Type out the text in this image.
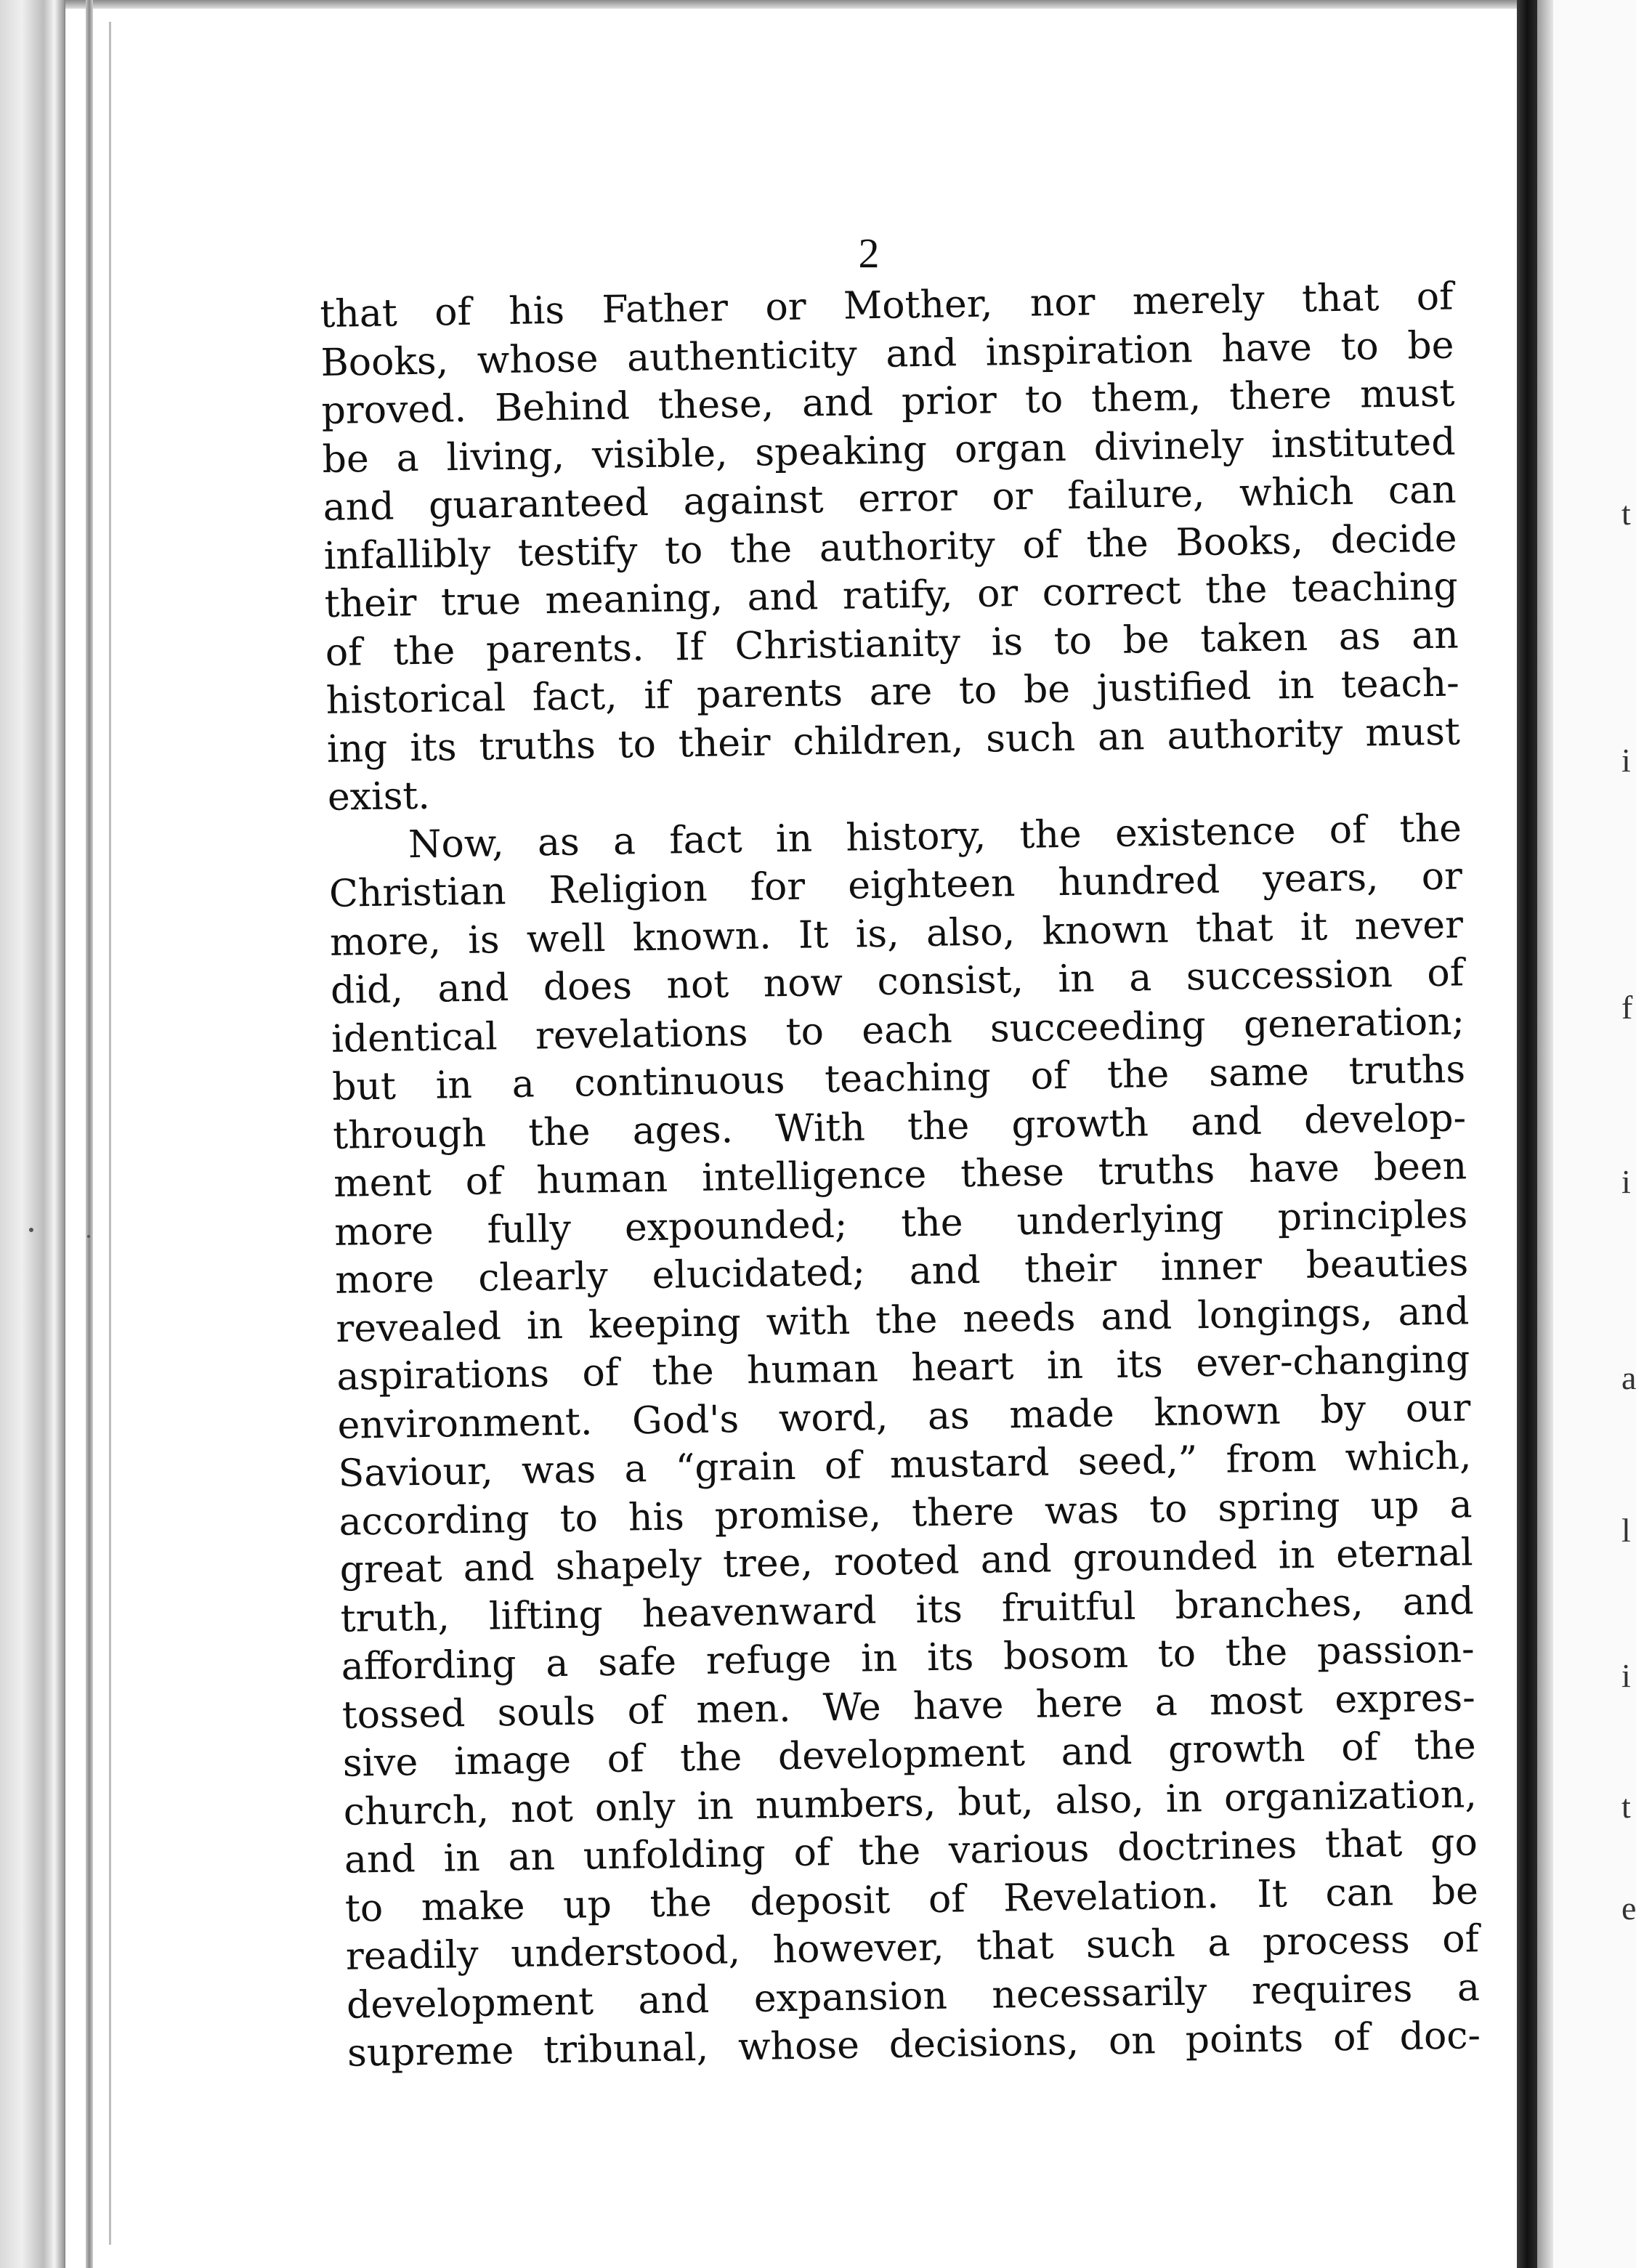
t
i
f
i
a
l
i
t
e
2
that of his Father or Mother, nor merely that of
Books, whose authenticity and inspiration have to be
proved. Behind these, and prior to them, there must
be a living, visible, speaking organ divinely instituted
and guaranteed against error or failure, which can
infallibly testify to the authority of the Books, decide
their true meaning, and ratify, or correct the teaching
of the parents. If Christianity is to be taken as an
historical fact, if parents are to be justified in teach-
ing its truths to their children, such an authority must
exist.
Now, as a fact in history, the existence of the
Christian Religion for eighteen hundred years, or
more, is well known. It is, also, known that it never
did, and does not now consist, in a succession of
identical revelations to each succeeding generation;
but in a continuous teaching of the same truths
through the ages. With the growth and develop-
ment of human intelligence these truths have been
more fully expounded; the underlying principles
more clearly elucidated; and their inner beauties
revealed in keeping with the needs and longings, and
aspirations of the human heart in its ever-changing
environment. God's word, as made known by our
Saviour, was a “grain of mustard seed,” from which,
according to his promise, there was to spring up a
great and shapely tree, rooted and grounded in eternal
truth, lifting heavenward its fruitful branches, and
affording a safe refuge in its bosom to the passion-
tossed souls of men. We have here a most expres-
sive image of the development and growth of the
church, not only in numbers, but, also, in organization,
and in an unfolding of the various doctrines that go
to make up the deposit of Revelation. It can be
readily understood, however, that such a process of
development and expansion necessarily requires a
supreme tribunal, whose decisions, on points of doc-
